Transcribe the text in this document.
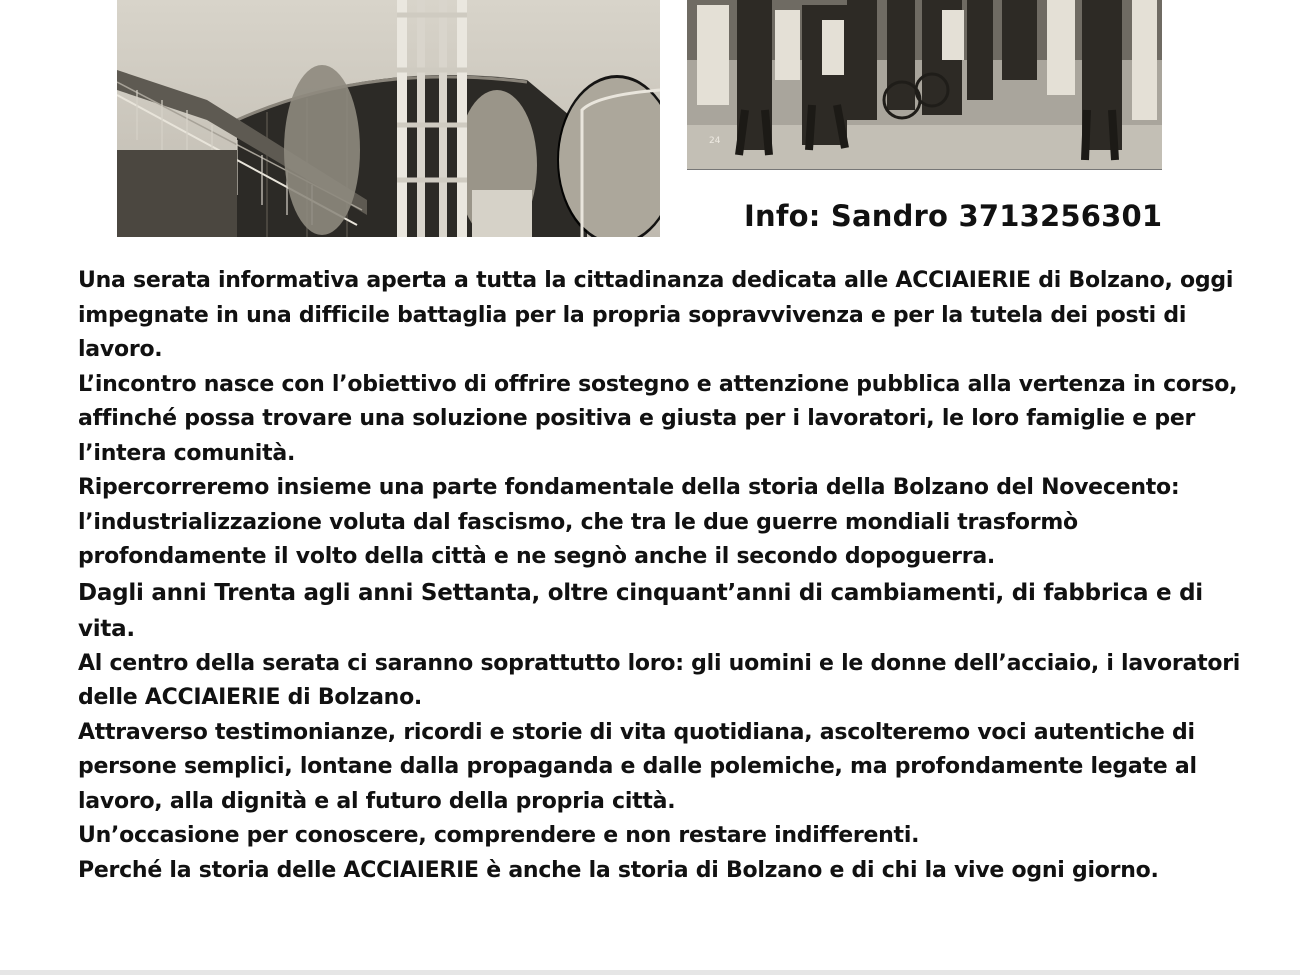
24
Info: Sandro 3713256301

Una serata informativa aperta a tutta la cittadinanza dedicata alle ACCIAIERIE di Bolzano, oggi impegnate in una difficile battaglia per la propria sopravvivenza e per la tutela dei posti di lavoro.

L’incontro nasce con l’obiettivo di offrire sostegno e attenzione pubblica alla vertenza in corso, affinché possa trovare una soluzione positiva e giusta per i lavoratori, le loro famiglie e per l’intera comunità.

Ripercorreremo insieme una parte fondamentale della storia della Bolzano del Novecento: l’industrializzazione voluta dal fascismo, che tra le due guerre mondiali trasformò profondamente il volto della città e ne segnò anche il secondo dopoguerra.

Dagli anni Trenta agli anni Settanta, oltre cinquant’anni di cambiamenti, di fabbrica e di vita.

Al centro della serata ci saranno soprattutto loro: gli uomini e le donne dell’acciaio, i lavoratori delle ACCIAIERIE di Bolzano.

Attraverso testimonianze, ricordi e storie di vita quotidiana, ascolteremo voci autentiche di persone semplici, lontane dalla propaganda e dalle polemiche, ma profondamente legate al lavoro, alla dignità e al futuro della propria città.

Un’occasione per conoscere, comprendere e non restare indifferenti.

Perché la storia delle ACCIAIERIE è anche la storia di Bolzano e di chi la vive ogni giorno.
